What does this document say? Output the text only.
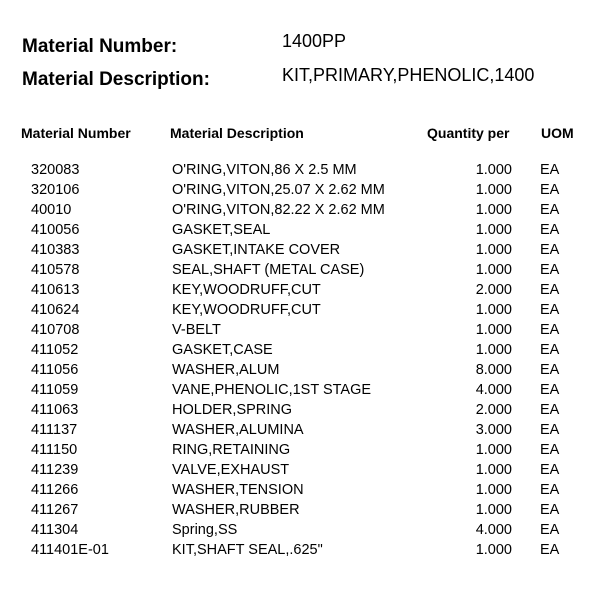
Material Number:	1400PP
Material Description:	KIT,PRIMARY,PHENOLIC,1400
Material Number	Material Description	Quantity per UOM
320083	O'RING,VITON,86 X 2.5 MM	1.000 EA
320106	O'RING,VITON,25.07 X 2.62 MM	1.000 EA
40010	O'RING,VITON,82.22 X 2.62 MM	1.000 EA
410056	GASKET,SEAL	1.000 EA
410383	GASKET,INTAKE COVER	1.000 EA
410578	SEAL,SHAFT (METAL CASE)	1.000 EA
410613	KEY,WOODRUFF,CUT	2.000 EA
410624	KEY,WOODRUFF,CUT	1.000 EA
410708	V-BELT	1.000 EA
411052	GASKET,CASE	1.000 EA
411056	WASHER,ALUM	8.000 EA
411059	VANE,PHENOLIC,1ST STAGE	4.000 EA
411063	HOLDER,SPRING	2.000 EA
411137	WASHER,ALUMINA	3.000 EA
411150	RING,RETAINING	1.000 EA
411239	VALVE,EXHAUST	1.000 EA
411266	WASHER,TENSION	1.000 EA
411267	WASHER,RUBBER	1.000 EA
411304	Spring,SS	4.000 EA
411401E-01	KIT,SHAFT SEAL,.625"	1.000 EA
